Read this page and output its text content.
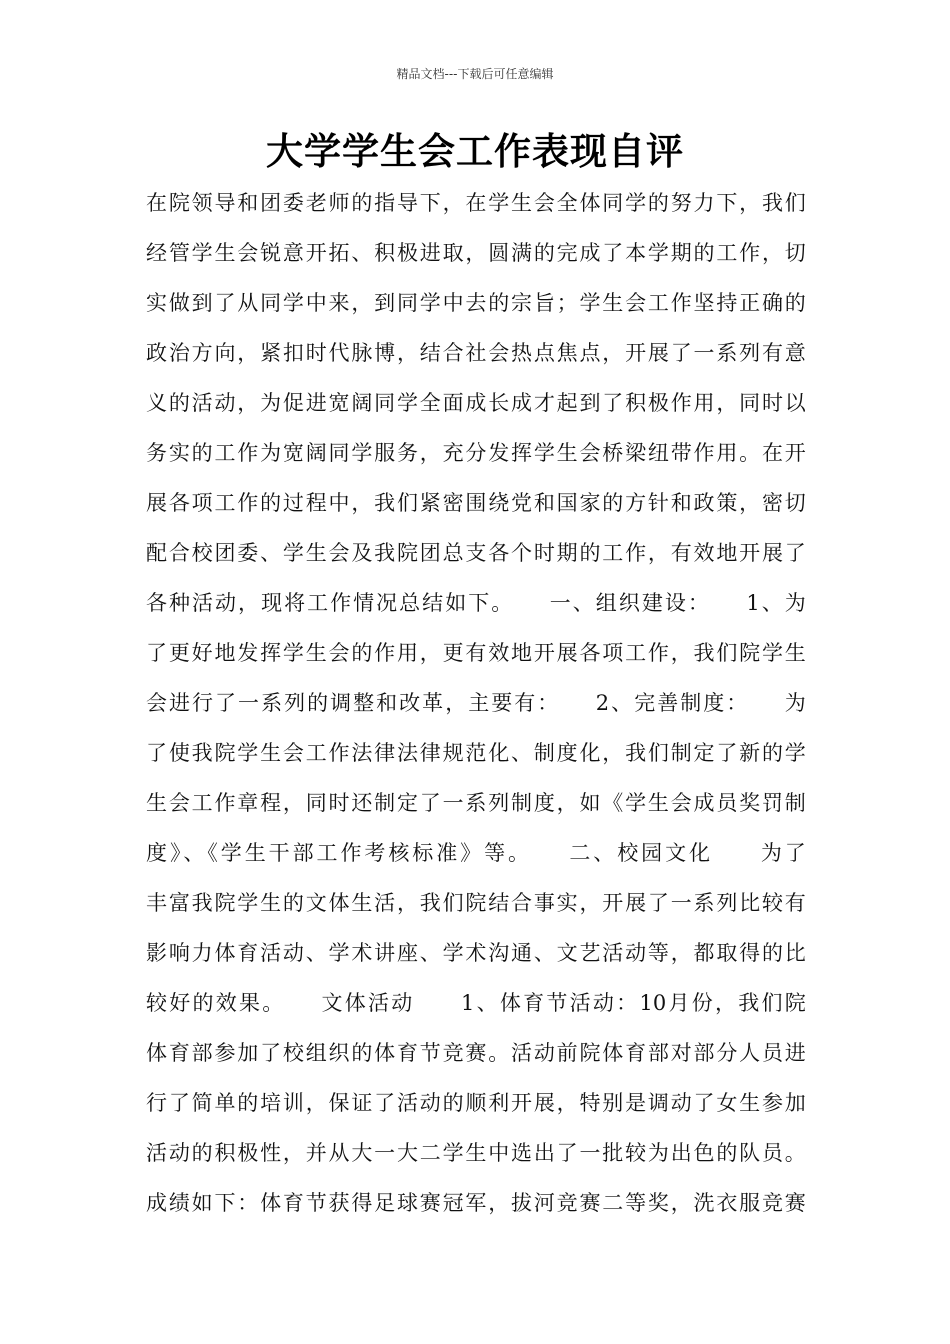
精品文档---下载后可任意编辑
大学学生会工作表现自评
在院领导和团委老师的指导下，在学生会全体同学的努力下，我们
经管学生会锐意开拓、积极进取，圆满的完成了本学期的工作，切
实做到了从同学中来，到同学中去的宗旨；学生会工作坚持正确的
政治方向，紧扣时代脉博，结合社会热点焦点，开展了一系列有意
义的活动，为促进宽阔同学全面成长成才起到了积极作用，同时以
务实的工作为宽阔同学服务，充分发挥学生会桥梁纽带作用。在开
展各项工作的过程中，我们紧密围绕党和国家的方针和政策，密切
配合校团委、学生会及我院团总支各个时期的工作，有效地开展了
各种活动，现将工作情况总结如下。　　一、组织建设：　　1、为
了更好地发挥学生会的作用，更有效地开展各项工作，我们院学生
会进行了一系列的调整和改革，主要有：　　2、完善制度：　　为
了使我院学生会工作法律法律规范化、制度化，我们制定了新的学
生会工作章程，同时还制定了一系列制度，如《学生会成员奖罚制
度》、《学生干部工作考核标准》等。　　二、校园文化　　为了
丰富我院学生的文体生活，我们院结合事实，开展了一系列比较有
影响力体育活动、学术讲座、学术沟通、文艺活动等，都取得的比
较好的效果。　　文体活动　　1、体育节活动：10月份，我们院
体育部参加了校组织的体育节竞赛。活动前院体育部对部分人员进
行了简单的培训，保证了活动的顺利开展，特别是调动了女生参加
活动的积极性，并从大一大二学生中选出了一批较为出色的队员。
成绩如下：体育节获得足球赛冠军，拔河竞赛二等奖，洗衣服竞赛
